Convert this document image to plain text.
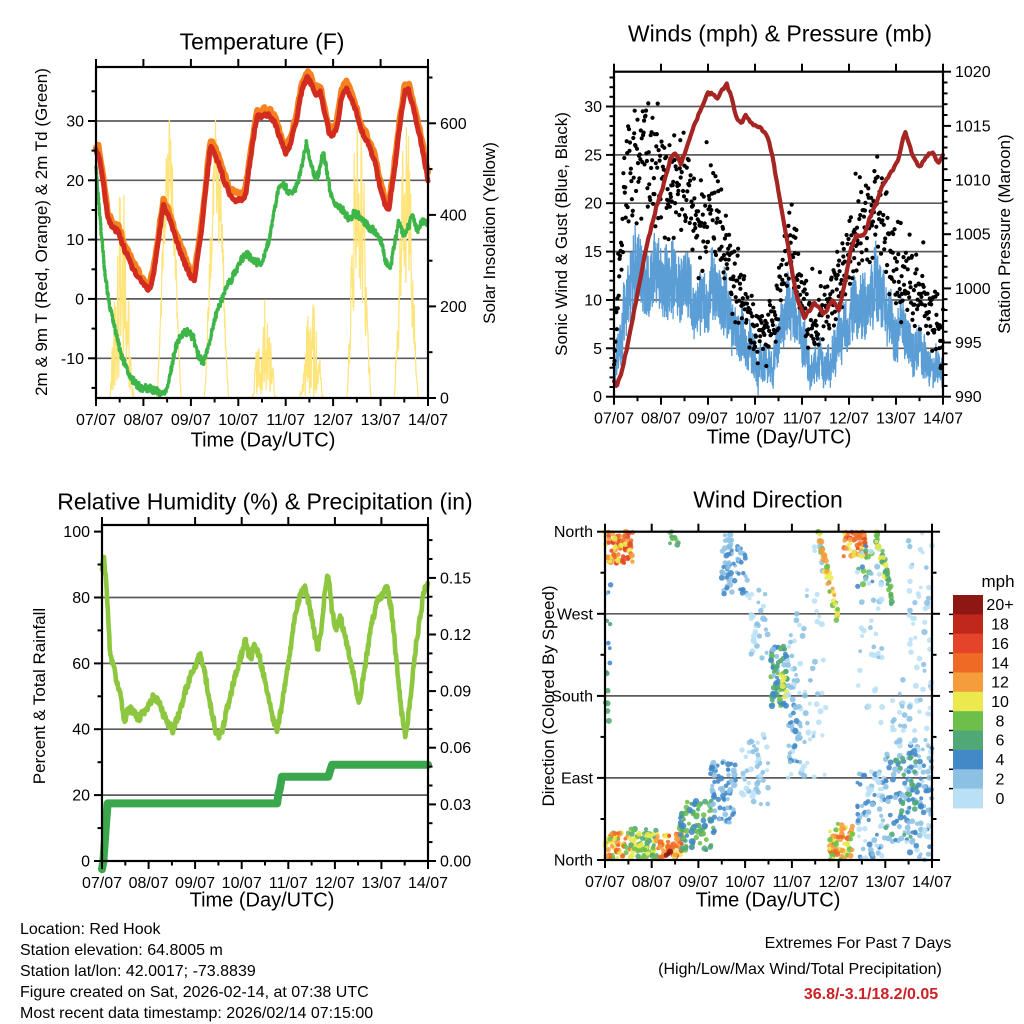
07/07 08/07 09/07 10/07 11/07 12/07 13/07 14/07
-10
0
10
20
30
0
200
400
600
07/07 08/07 09/07 10/07 11/07 12/07 13/07 14/07
0
5
10
15
20
25
30
990
995
1000
1005
1010
1015
1020
07/07 08/07 09/07 10/07 11/07 12/07 13/07 14/07
0
20
40
60
80
100
0.00
0.03
0.06
0.09
0.12
0.15
07/07 08/07 09/07 10/07 11/07 12/07 13/07 14/07
North
East
South
West
North
20+
18
16
14
12
10
8
6
4
2
0
Temperature (F)	Winds (mph) & Pressure (mb)
Relative Humidity (%) & Precipitation (in)	Wind Direction
Time (Day/UTC)	Time (Day/UTC)
Time (Day/UTC)	Time (Day/UTC)
2m & 9m T (Red, Orange) & 2m Td (Green)	Solar Insolation (Yellow)	Sonic Wind & Gust (Blue, Black)	Station Pressure (Maroon)
Percent & Total Rainfall	Direction (Colored By Speed)
mph
Location: Red Hook
Station elevation: 64.8005 m
Station lat/lon: 42.0017; -73.8839
Figure created on Sat, 2026-02-14, at 07:38 UTC
Most recent data timestamp: 2026/02/14 07:15:00
Extremes For Past 7 Days
(High/Low/Max Wind/Total Precipitation)
36.8/-3.1/18.2/0.05
